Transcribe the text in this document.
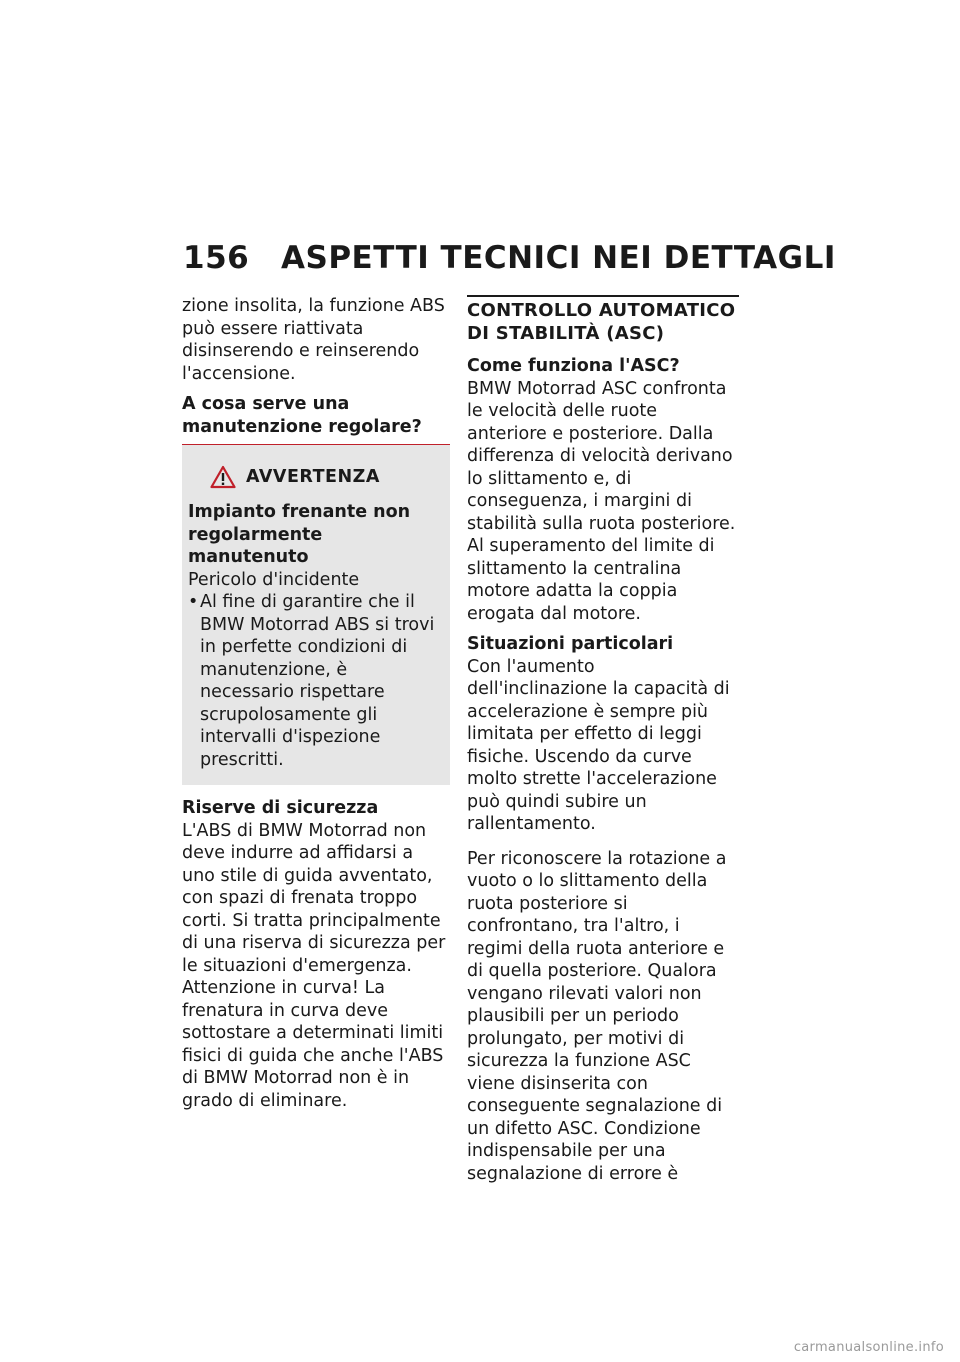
156 ASPETTI TECNICI NEI DETTAGLI

zione insolita, la funzione ABS può essere riattivata disinserendo e reinserendo l'accensione.

A cosa serve una manutenzione regolare?
AVVERTENZA
Impianto frenante non regolarmente manutenuto

Pericolo d'incidente

• Al fine di garantire che il BMW Motorrad ABS si trovi in perfette condizioni di manutenzione, è necessario rispettare scrupolosamente gli intervalli d'ispezione prescritti.
Riserve di sicurezza

L'ABS di BMW Motorrad non deve indurre ad affidarsi a uno stile di guida avventato, con spazi di frenata troppo corti. Si tratta principalmente di una riserva di sicurezza per le situazioni d'emergenza.

Attenzione in curva! La frenatura in curva deve sottostare a determinati limiti fisici di guida che anche l'ABS di BMW Motorrad non è in grado di eliminare.

CONTROLLO AUTOMATICO DI STABILITÀ (ASC)
Come funziona l'ASC?

BMW Motorrad ASC confronta le velocità delle ruote anteriore e posteriore. Dalla differenza di velocità derivano lo slittamento e, di conseguenza, i margini di stabilità sulla ruota posteriore. Al superamento del limite di slittamento la centralina motore adatta la coppia erogata dal motore.

Situazioni particolari

Con l'aumento dell'inclinazione la capacità di accelerazione è sempre più limitata per effetto di leggi fisiche. Uscendo da curve molto strette l'accelerazione può quindi subire un rallentamento.

Per riconoscere la rotazione a vuoto o lo slittamento della ruota posteriore si confrontano, tra l'altro, i regimi della ruota anteriore e di quella posteriore. Qualora vengano rilevati valori non plausibili per un periodo prolungato, per motivi di sicurezza la funzione ASC viene disinserita con conseguente segnalazione di un difetto ASC. Condizione indispensabile per una segnalazione di errore è

carmanualsonline.info
